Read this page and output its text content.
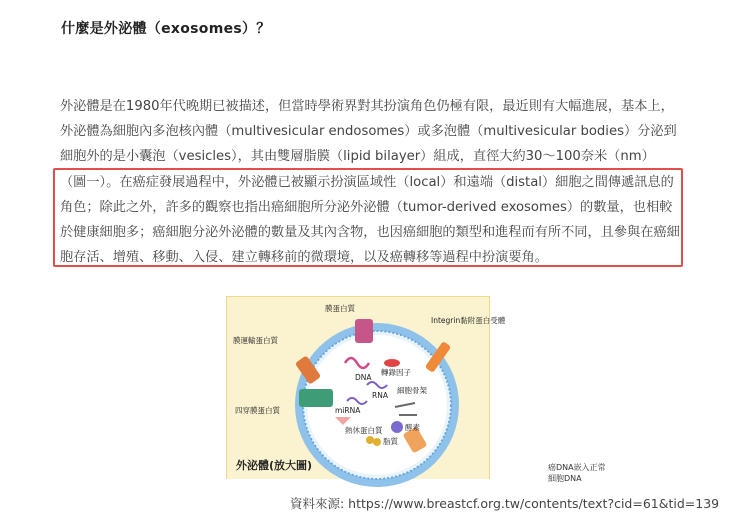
什麼是外泌體（exosomes）？

外泌體是在1980年代晚期已被描述，但當時學術界對其扮演角色仍極有限，最近則有大幅進展，基本上，外泌體為細胞內多泡核內體（multivesicular endosomes）或多泡體（multivesicular bodies）分泌到細胞外的是小囊泡（vesicles），其由雙層脂膜（lipid bilayer）組成，直徑大約30～100奈米（nm）

（圖一）。在癌症發展過程中，外泌體已被顯示扮演區域性（local）和遠端（distal）細胞之間傳遞訊息的角色；除此之外，許多的觀察也指出癌細胞所分泌外泌體（tumor-derived exosomes）的數量，也相較於健康細胞多；癌細胞分泌外泌體的數量及其內含物，也因癌細胞的類型和進程而有所不同，且參與在癌細胞存活、增殖、移動、入侵、建立轉移前的微環境，以及癌轉移等過程中扮演要角。

膜蛋白質
膜運輸蛋白質
Integrin黏附蛋白受體
轉錄因子
DNA
RNA
細胞骨架
四穿膜蛋白質	miRNA
酵素
熱休蛋白質
脂質
外泌體(放大圖)	癌DNA嵌入正常細胞DNA
資料來源: https://www.breastcf.org.tw/contents/text?cid=61&tid=139
